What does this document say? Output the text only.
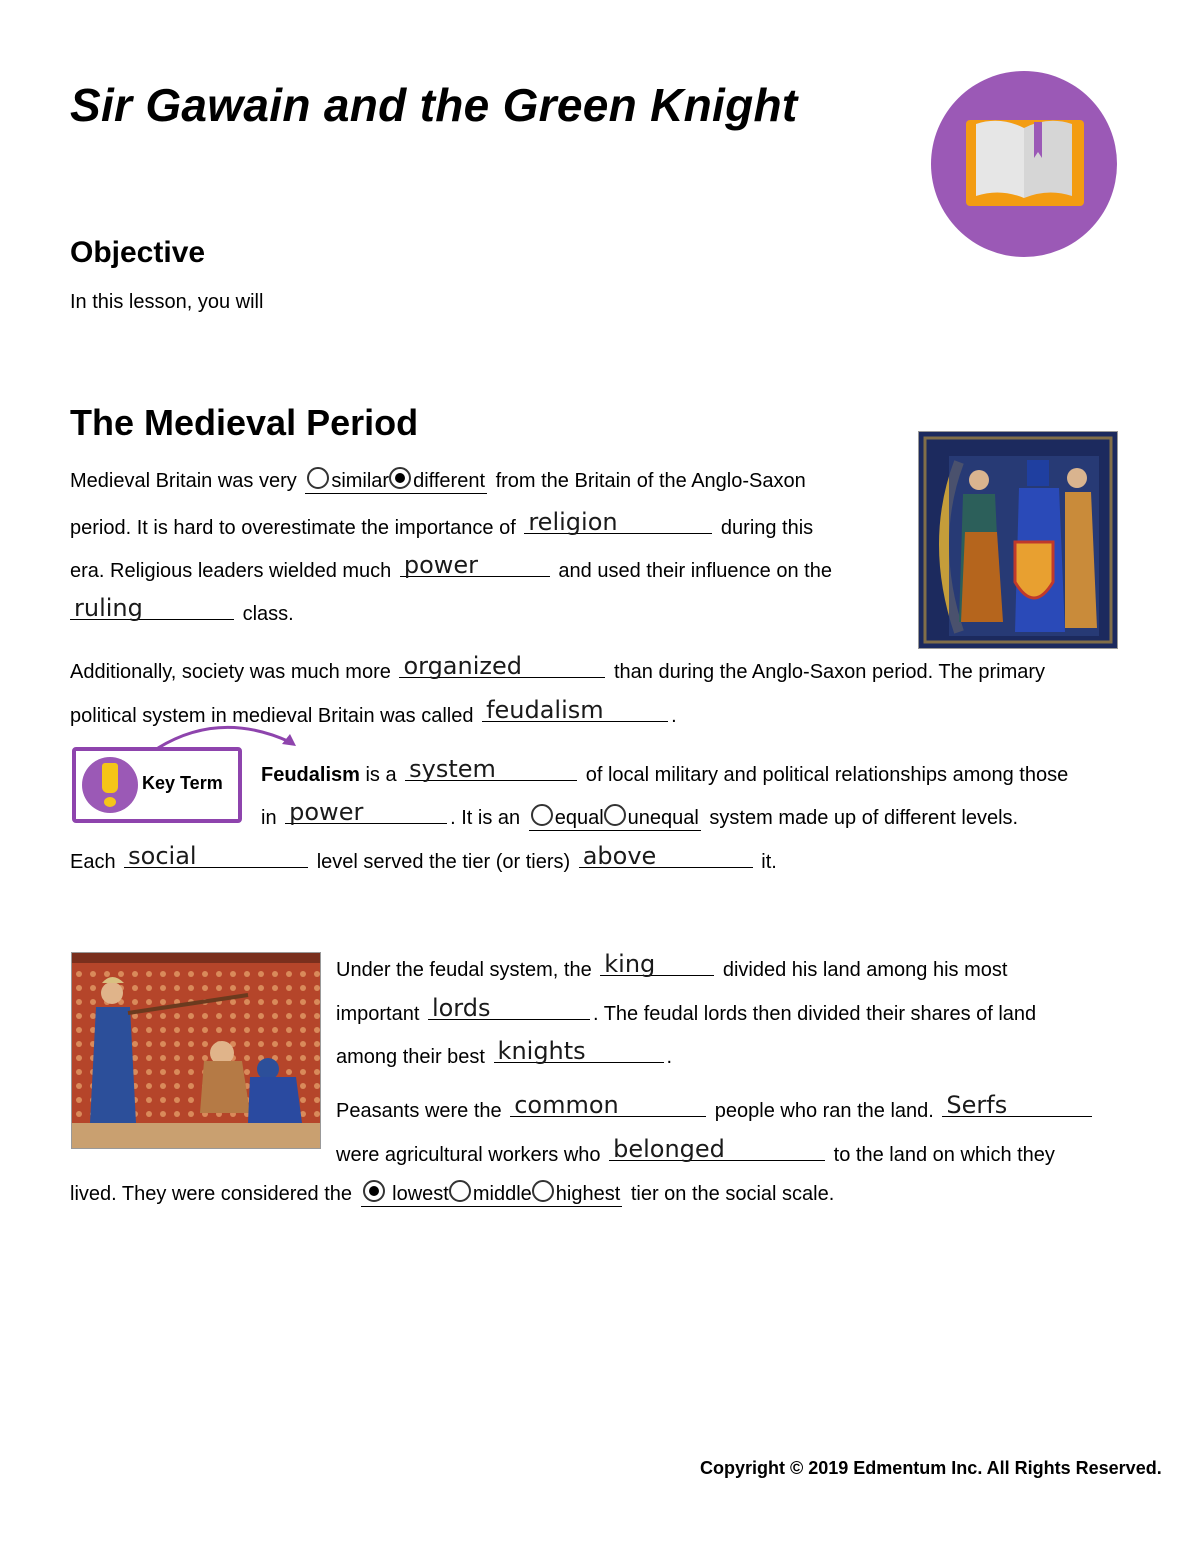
Sir Gawain and the Green Knight
Objective
In this lesson, you will
The Medieval Period
Medieval Britain was very similar different from the Britain of the Anglo-Saxon
period. It is hard to overestimate the importance of religion	during this
era. Religious leaders wielded much power	and used their influence on the
ruling	class.
Additionally, society was much more organized	than during the Anglo-Saxon period. The primary
political system in medieval Britain was called feudalism	.
Key Term Feudalism is a system	of local military and political relationships among those
in power	. It is an equal unequal system made up of different levels.
Each social	level served the tier (or tiers) above	it.
Under the feudal system, the king	divided his land among his most
important lords	. The feudal lords then divided their shares of land
among their best knights	.
Peasants were the common	people who ran the land. Serfs
were agricultural workers who belonged	to the land on which they
lived. They were considered the lowest middle highest tier on the social scale.
Copyright © 2019 Edmentum Inc. All Rights Reserved.
